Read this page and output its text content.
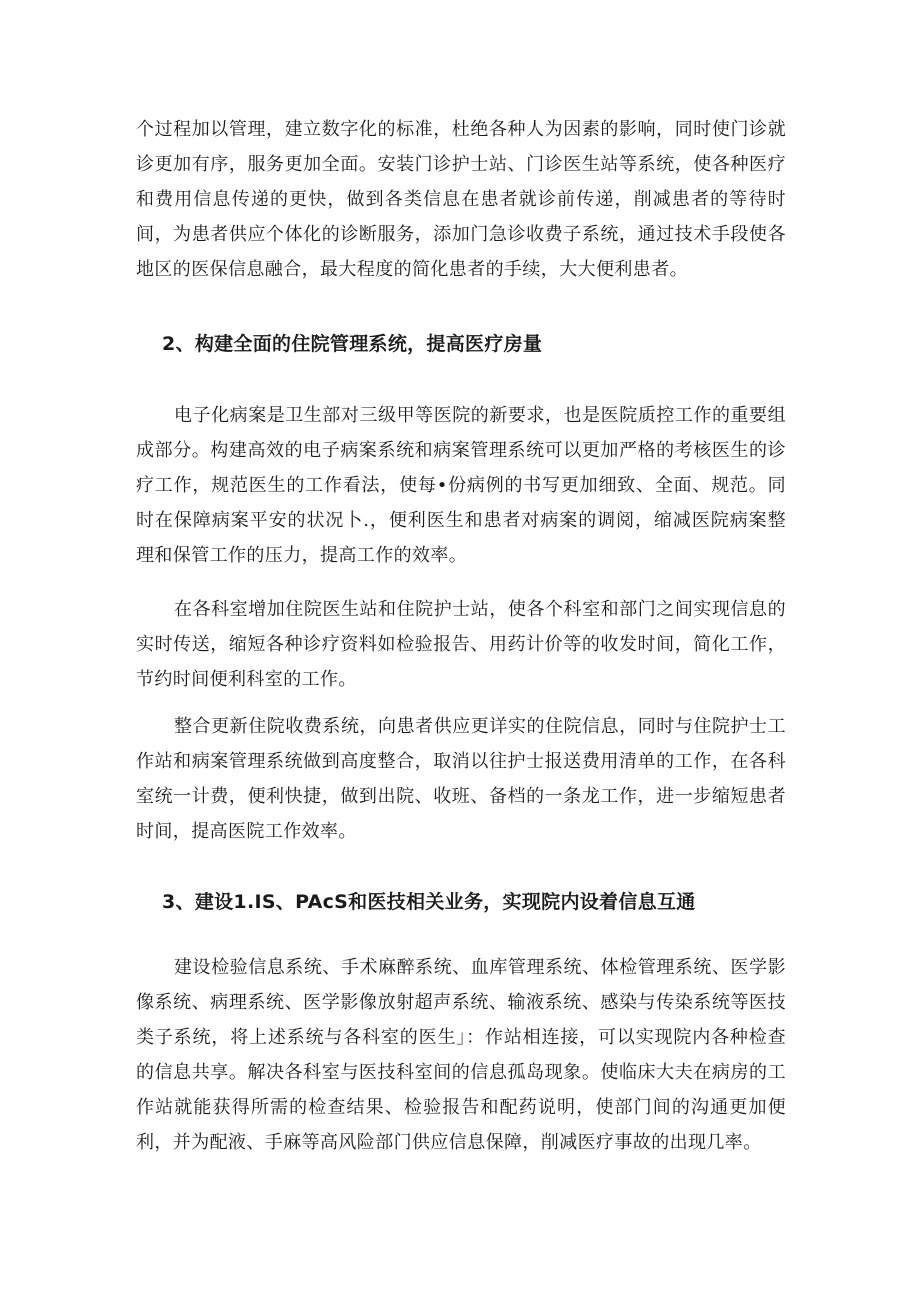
个过程加以管理，建立数字化的标准，杜绝各种人为因素的影响，同时使门诊就诊更加有序，服务更加全面。安装门诊护士站、门诊医生站等系统，使各种医疗和费用信息传递的更快，做到各类信息在患者就诊前传递，削减患者的等待时间，为患者供应个体化的诊断服务，添加门急诊收费子系统，通过技术手段使各地区的医保信息融合，最大程度的简化患者的手续，大大便利患者。

2、构建全面的住院管理系统，提高医疗房量

电子化病案是卫生部对三级甲等医院的新要求，也是医院质控工作的重要组成部分。构建高效的电子病案系统和病案管理系统可以更加严格的考核医生的诊疗工作，规范医生的工作看法，使每•份病例的书写更加细致、全面、规范。同时在保障病案平安的状况卜.，便利医生和患者对病案的调阅，缩减医院病案整理和保管工作的压力，提高工作的效率。

在各科室增加住院医生站和住院护士站，使各个科室和部门之间实现信息的实时传送，缩短各种诊疗资料如检验报告、用药计价等的收发时间，简化工作，节约时间便利科室的工作。

整合更新住院收费系统，向患者供应更详实的住院信息，同时与住院护士工作站和病案管理系统做到高度整合，取消以往护士报送费用清单的工作，在各科室统一计费，便利快捷，做到出院、收班、备档的一条龙工作，进一步缩短患者时间，提高医院工作效率。

3、建设1.IS、PAcS和医技相关业务，实现院内设着信息互通

建设检验信息系统、手术麻醉系统、血库管理系统、体检管理系统、医学影像系统、病理系统、医学影像放射超声系统、输液系统、感染与传染系统等医技类子系统，将上述系统与各科室的医生」：作站相连接，可以实现院内各种检查的信息共享。解决各科室与医技科室间的信息孤岛现象。使临床大夫在病房的工作站就能获得所需的检查结果、检验报告和配药说明，使部门间的沟通更加便利，并为配液、手麻等高风险部门供应信息保障，削减医疗事故的出现几率。
